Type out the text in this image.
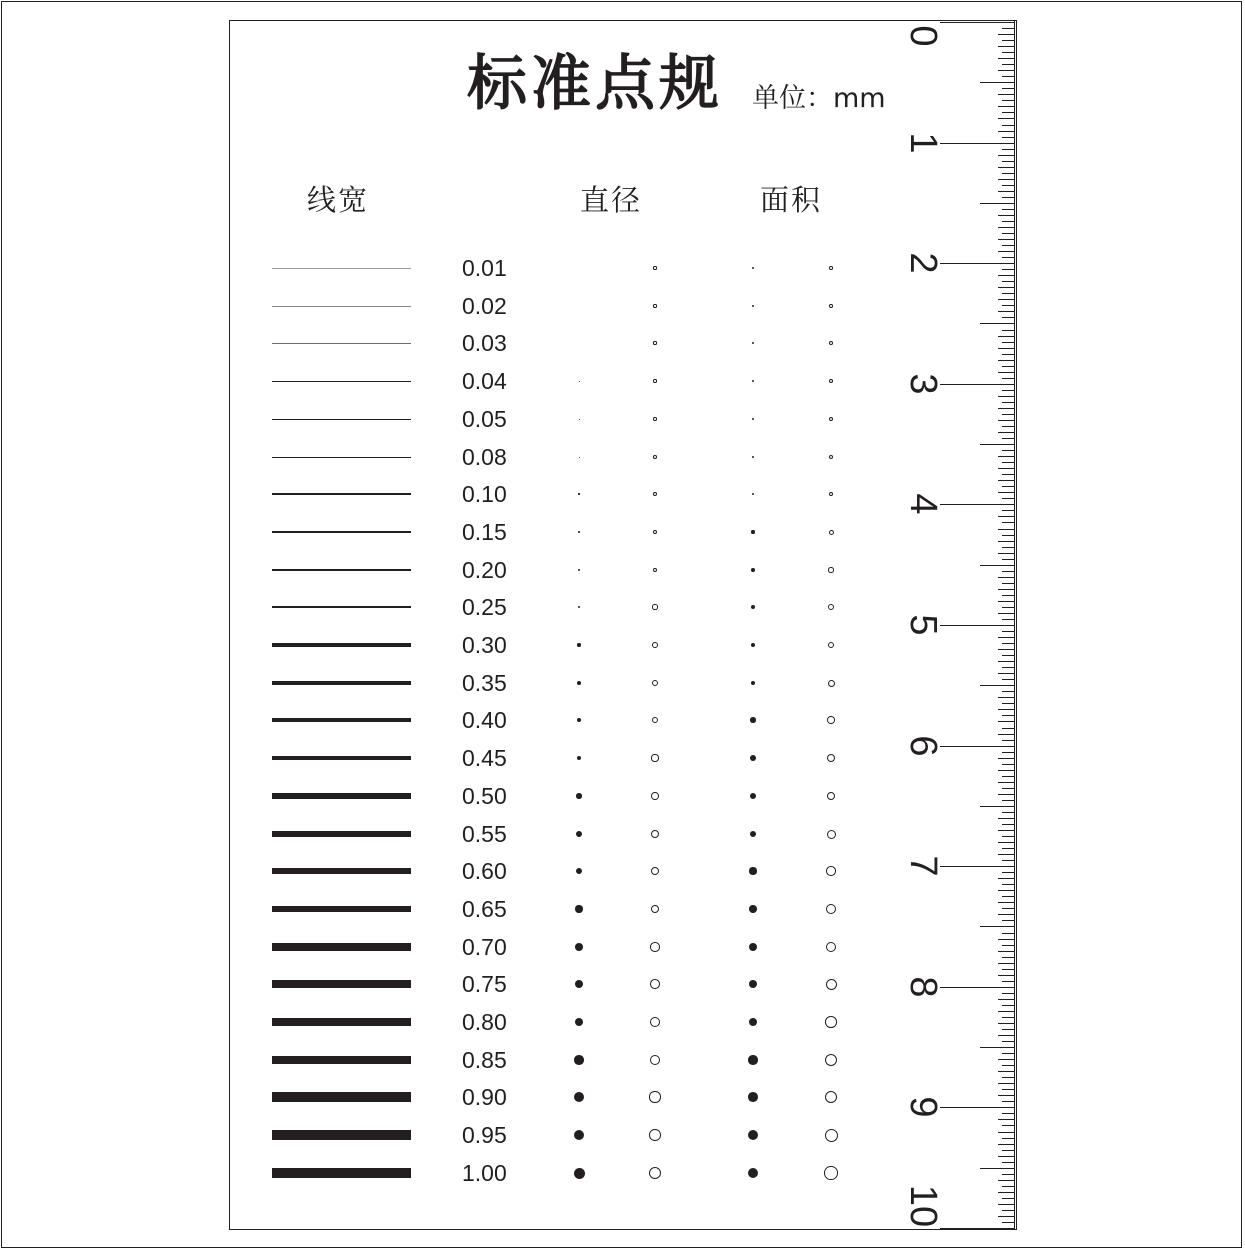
标准点规 单位：mm
线宽	直径	面积
0.01
0.02
0.03
0.04
0.05
0.08
0.10
0.15
0.20
0.25
0.30
0.35
0.40
0.45
0.50
0.55
0.60
0.65
0.70
0.75
0.80
0.85
0.90
0.95
1.00
0
1
2
3
4
5
6
7
8
9
10
